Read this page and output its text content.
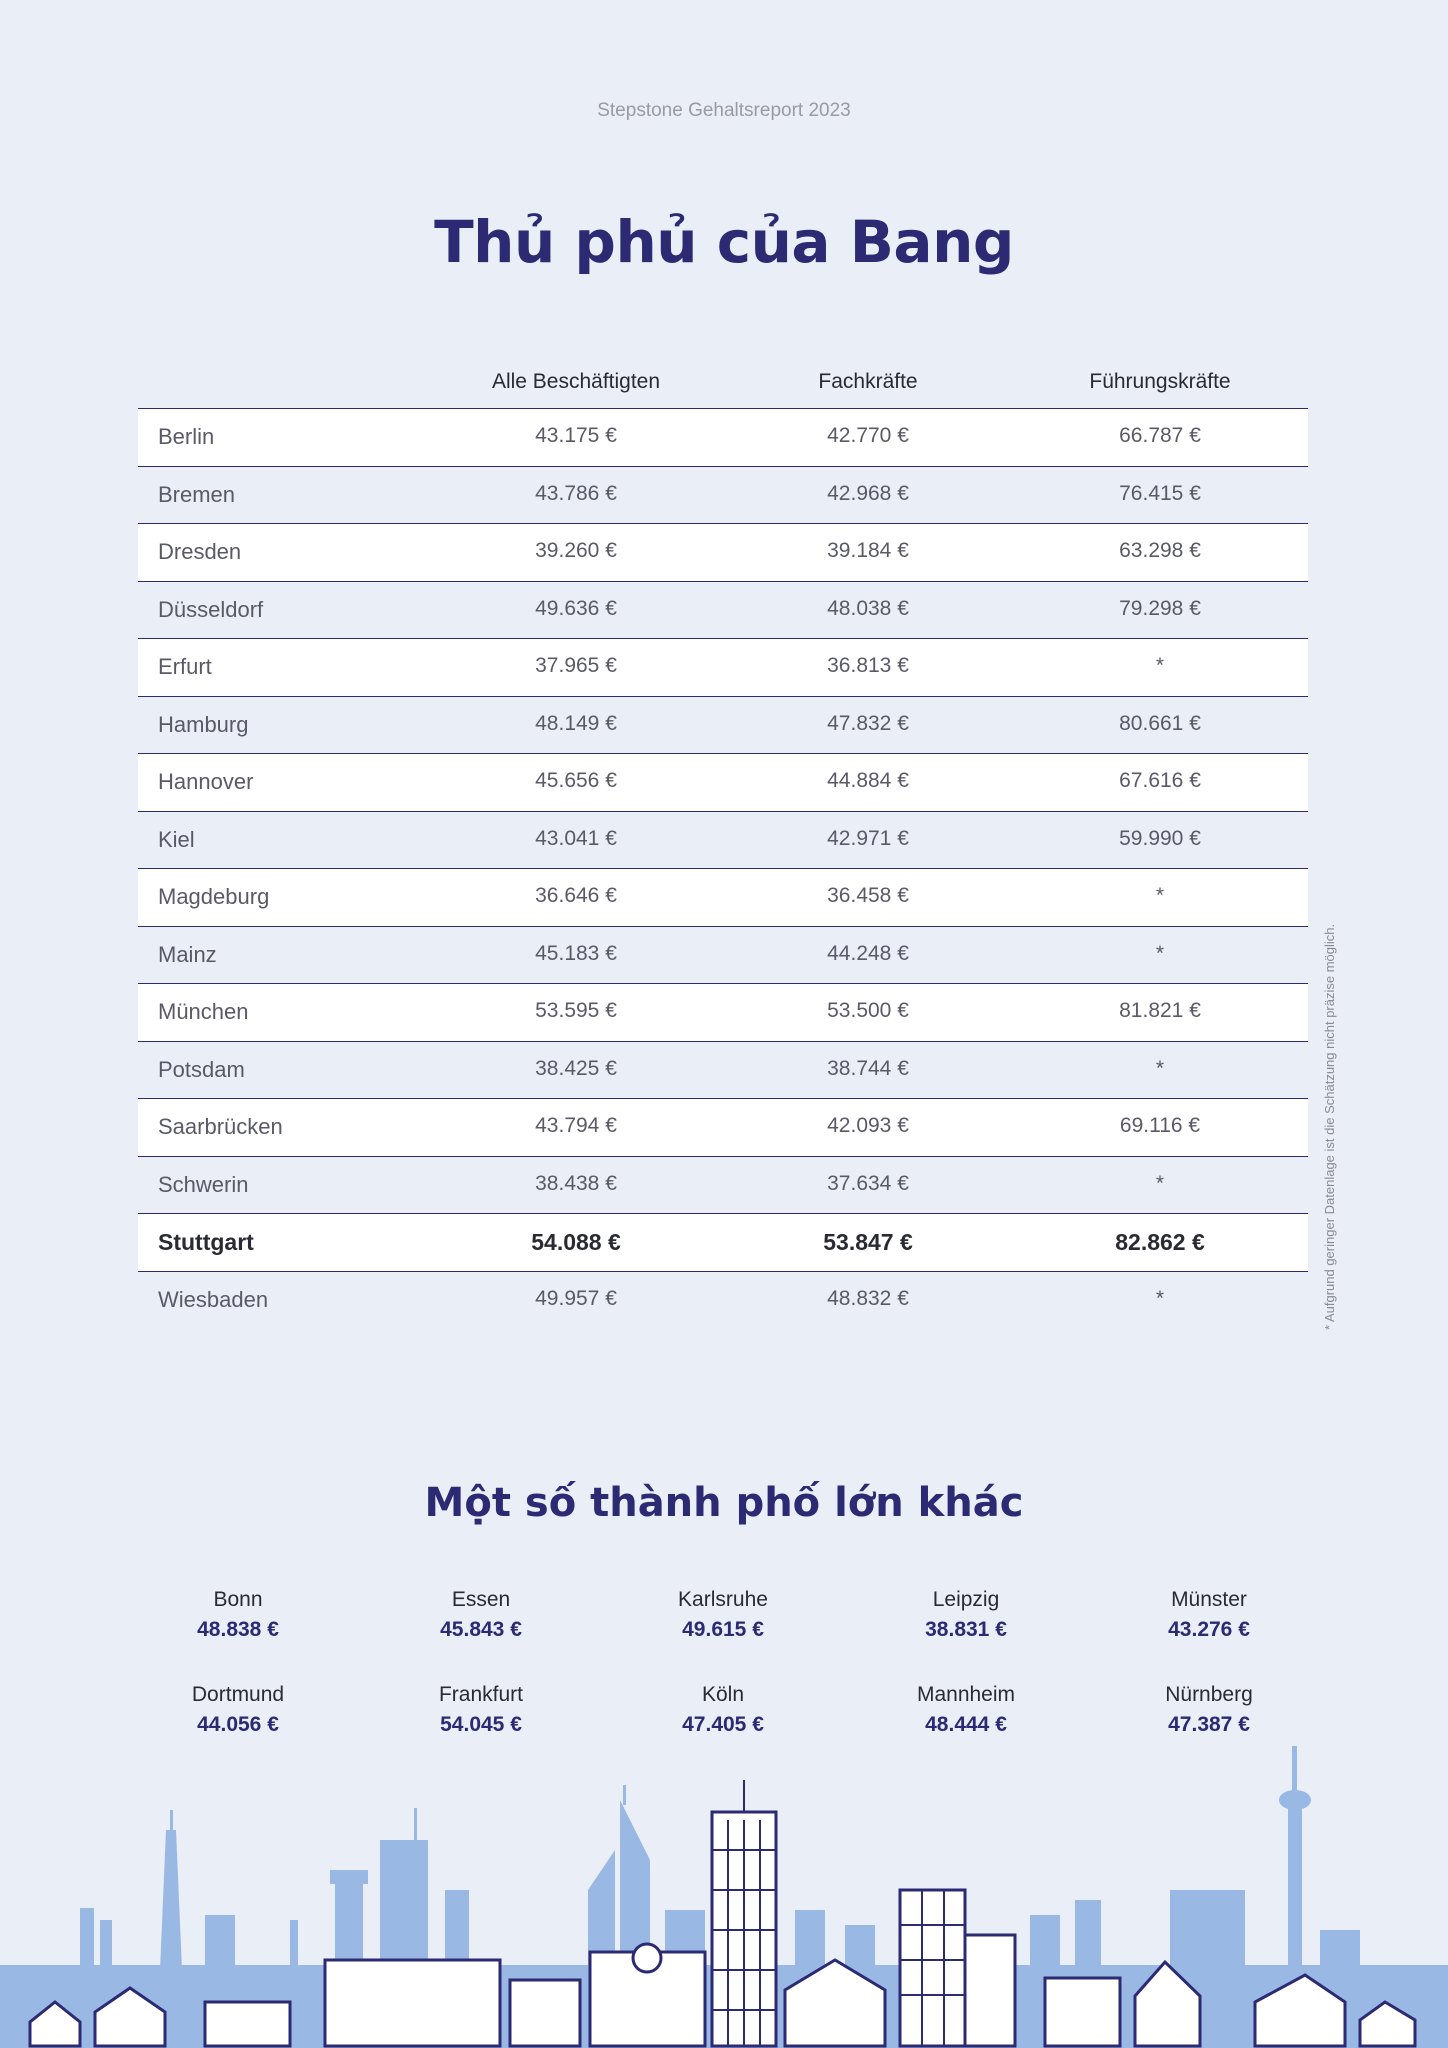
Stepstone Gehaltsreport 2023
Thủ phủ của Bang
Alle Beschäftigten	Fachkräfte	Führungskräfte
Berlin	43.175 €	42.770 €	66.787 €
Bremen	43.786 €	42.968 €	76.415 €
Dresden	39.260 €	39.184 €	63.298 €
Düsseldorf	49.636 €	48.038 €	79.298 €
Erfurt	37.965 €	36.813 €	*
Hamburg	48.149 €	47.832 €	80.661 €
Hannover	45.656 €	44.884 €	67.616 €
Kiel	43.041 €	42.971 €	59.990 €
Magdeburg	36.646 €	36.458 €	*
Mainz	45.183 €	44.248 €	*
München	53.595 €	53.500 €	81.821 €
Potsdam	38.425 €	38.744 €	*
Saarbrücken	43.794 €	42.093 €	69.116 €
Schwerin	38.438 €	37.634 €	*
Stuttgart	54.088 €	53.847 €	82.862 €
Wiesbaden	49.957 €	48.832 €	*	* Aufgrund geringer Datenlage ist die Schätzung nicht präzise möglich.
Một số thành phố lớn khác
Bonn
48.838 €
Essen
45.843 €
Karlsruhe
49.615 €
Leipzig
38.831 €
Münster
43.276 €
Dortmund
44.056 €
Frankfurt
54.045 €
Köln
47.405 €
Mannheim
48.444 €
Nürnberg
47.387 €
